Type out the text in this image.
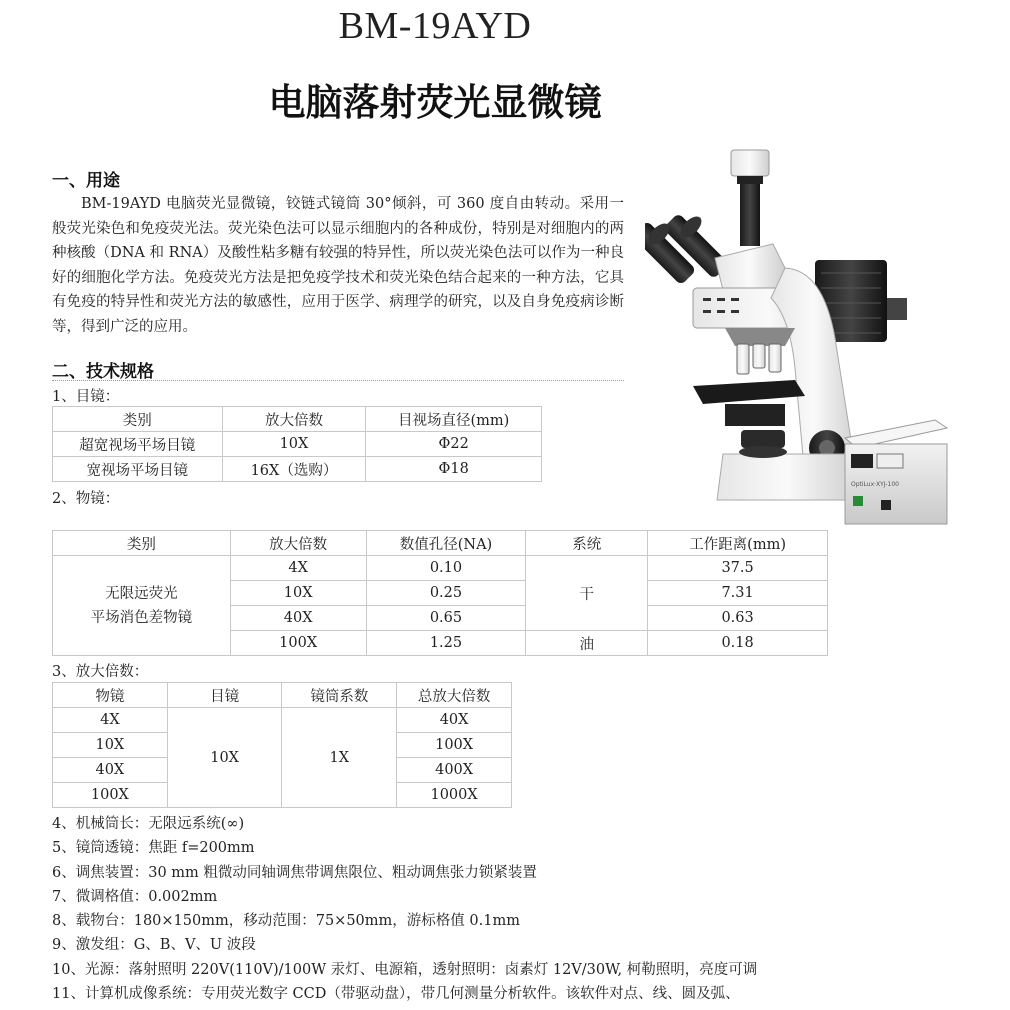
BM-19AYD
电脑落射荧光显微镜
一、用途
BM-19AYD 电脑荧光显微镜，铰链式镜筒 30°倾斜，可 360 度自由转动。采用一般荧光染色和免疫荧光法。荧光染色法可以显示细胞内的各种成份，特别是对细胞内的两种核酸（DNA 和 RNA）及酸性粘多糖有较强的特异性，所以荧光染色法可以作为一种良好的细胞化学方法。免疫荧光方法是把免疫学技术和荧光染色结合起来的一种方法，它具有免疫的特异性和荧光方法的敏感性，应用于医学、病理学的研究，以及自身免疫病诊断等，得到广泛的应用。
二、技术规格
1、目镜：
类别	放大倍数	目视场直径(mm)
超宽视场平场目镜	10X	Φ22
宽视场平场目镜	16X（选购）	Φ18
2、物镜：
类别	放大倍数	数值孔径(NA)	系统	工作距离(mm)

无限远荧光
平场消色差物镜	4X	0.10	干	37.5
	10X	0.25		7.31
	40X	0.65		0.63
	100X	1.25	油	0.18
3、放大倍数：
物镜	目镜	镜筒系数	总放大倍数
4X	10X	1X	40X
10X			100X
40X			400X
100X			1000X
4、机械筒长：无限远系统(∞)
5、镜筒透镜：焦距 f=200mm
6、调焦装置：30 mm 粗微动同轴调焦带调焦限位、粗动调焦张力锁紧装置
7、微调格值：0.002mm
8、载物台：180×150mm，移动范围：75×50mm，游标格值 0.1mm
9、激发组：G、B、V、U 波段
10、光源：落射照明 220V(110V)/100W 汞灯、电源箱，透射照明：卤素灯 12V/30W, 柯勒照明，亮度可调
11、计算机成像系统：专用荧光数字 CCD（带驱动盘），带几何测量分析软件。该软件对点、线、圆及弧、
OptiLux·XYJ-100
